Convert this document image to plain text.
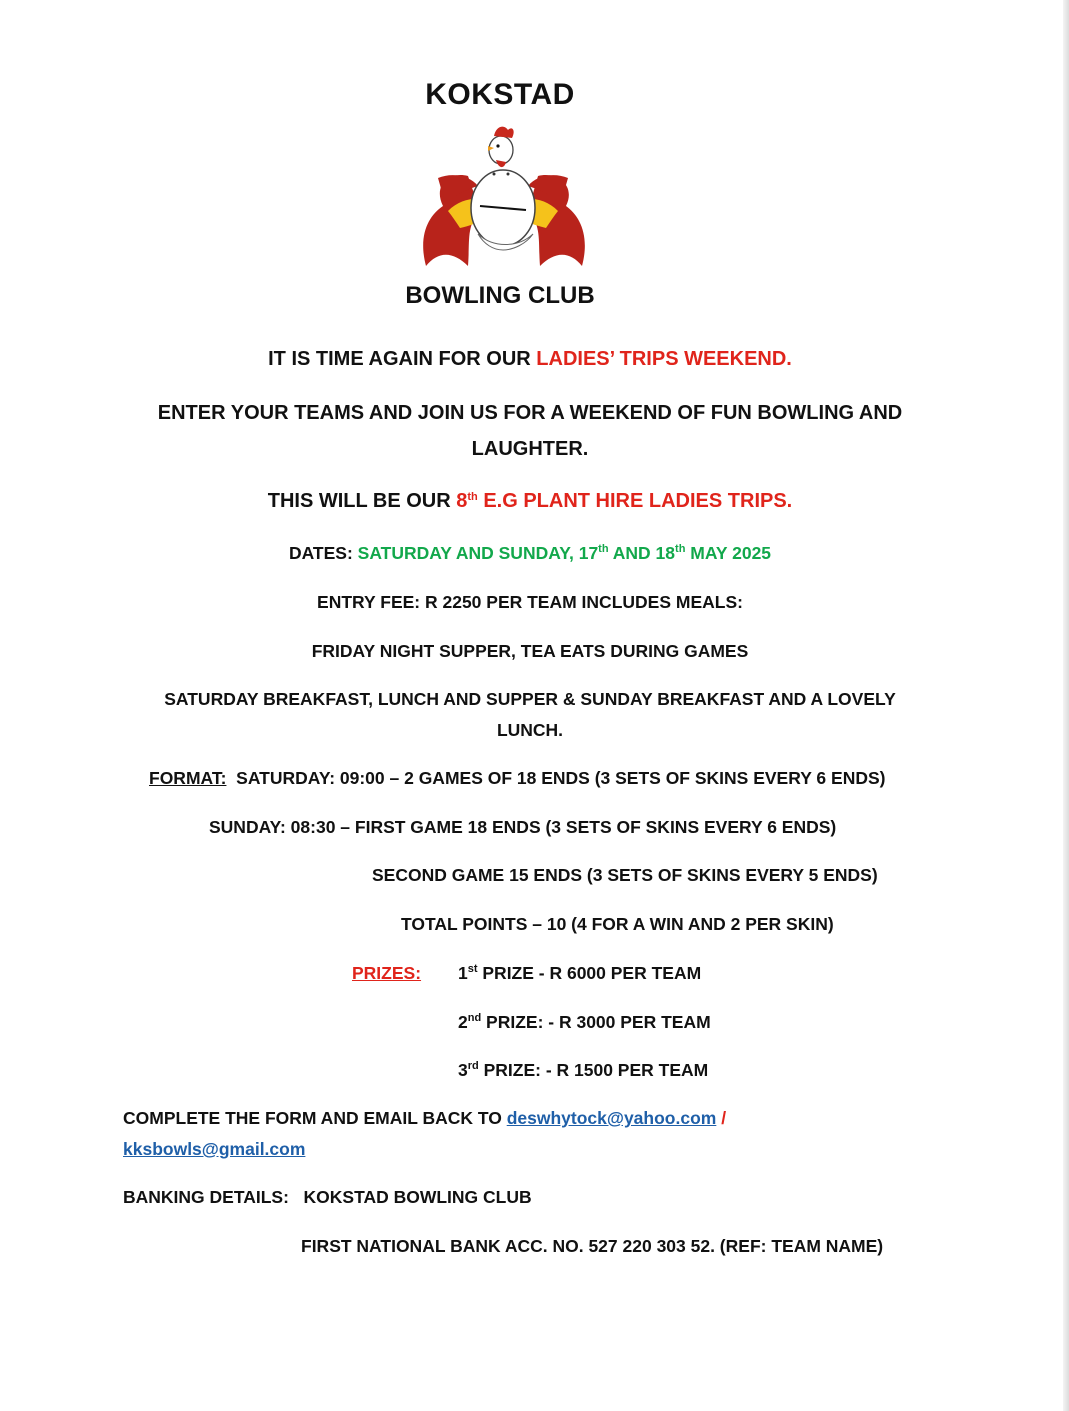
KOKSTAD
BOWLING CLUB
IT IS TIME AGAIN FOR OUR LADIES’ TRIPS WEEKEND.
ENTER YOUR TEAMS AND JOIN US FOR A WEEKEND OF FUN BOWLING AND
LAUGHTER.
THIS WILL BE OUR 8th E.G PLANT HIRE LADIES TRIPS.
DATES: SATURDAY AND SUNDAY, 17th AND 18th MAY 2025
ENTRY FEE: R 2250 PER TEAM INCLUDES MEALS:
FRIDAY NIGHT SUPPER, TEA EATS DURING GAMES
SATURDAY BREAKFAST, LUNCH AND SUPPER & SUNDAY BREAKFAST AND A LOVELY
LUNCH.
FORMAT: SATURDAY: 09:00 – 2 GAMES OF 18 ENDS (3 SETS OF SKINS EVERY 6 ENDS)
SUNDAY: 08:30 – FIRST GAME 18 ENDS (3 SETS OF SKINS EVERY 6 ENDS)
SECOND GAME 15 ENDS (3 SETS OF SKINS EVERY 5 ENDS)
TOTAL POINTS – 10 (4 FOR A WIN AND 2 PER SKIN)
PRIZES: 1st PRIZE - R 6000 PER TEAM
2nd PRIZE: - R 3000 PER TEAM
3rd PRIZE: - R 1500 PER TEAM
COMPLETE THE FORM AND EMAIL BACK TO deswhytock@yahoo.com /
kksbowls@gmail.com
BANKING DETAILS: KOKSTAD BOWLING CLUB
FIRST NATIONAL BANK ACC. NO. 527 220 303 52. (REF: TEAM NAME)
